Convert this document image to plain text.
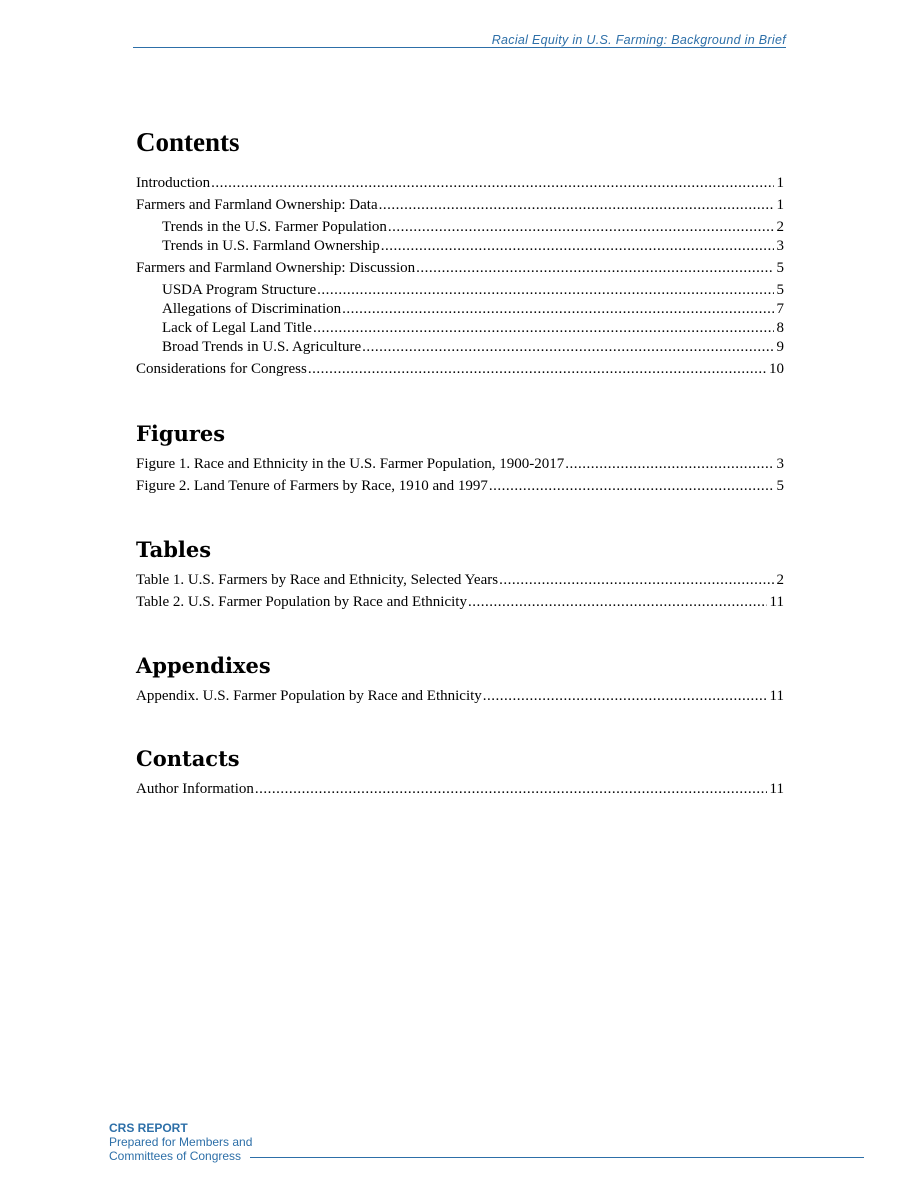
Racial Equity in U.S. Farming: Background in Brief
Contents
Introduction .....	1
Farmers and Farmland Ownership: Data .....	1
Trends in the U.S. Farmer Population .....	2
Trends in U.S. Farmland Ownership .....	3
Farmers and Farmland Ownership: Discussion .....	5
USDA Program Structure .....	5
Allegations of Discrimination .....	7
Lack of Legal Land Title .....	8
Broad Trends in U.S. Agriculture .....	9
Considerations for Congress .....	10
Figures
Figure 1. Race and Ethnicity in the U.S. Farmer Population, 1900-2017 .....	3
Figure 2. Land Tenure of Farmers by Race, 1910 and 1997 .....	5
Tables
Table 1. U.S. Farmers by Race and Ethnicity, Selected Years .....	2
Table 2. U.S. Farmer Population by Race and Ethnicity .....	11
Appendixes
Appendix. U.S. Farmer Population by Race and Ethnicity .....	11
Contacts
Author Information .....	11
CRS REPORT
Prepared for Members and
Committees of Congress
